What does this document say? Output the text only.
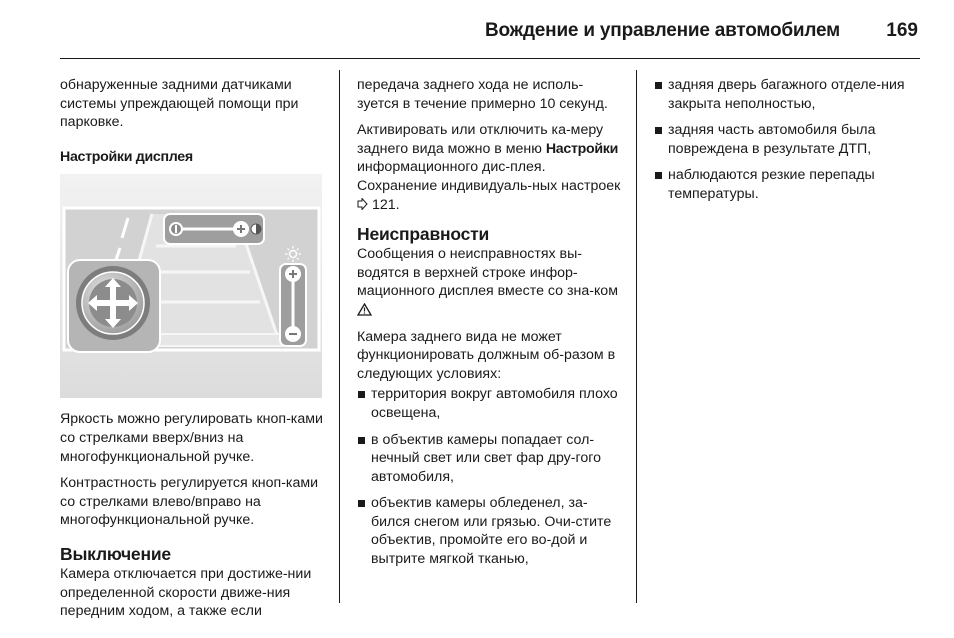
Вождение и управление автомобилем	169

обнаруженные задними датчиками системы упреждающей помощи при парковке.

Настройки дисплея

Яркость можно регулировать кноп-ками со стрелками вверх/вниз на многофункциональной ручке.

Контрастность регулируется кноп-ками со стрелками влево/вправо на многофункциональной ручке.

Выключение

Камера отключается при достиже-нии определенной скорости движе-ния передним ходом, а также если

передача заднего хода не исполь-зуется в течение примерно 10 секунд.

Активировать или отключить ка-меру заднего вида можно в меню Настройки информационного дис-плея. Сохранение индивидуаль-ных настроек  121.

Неисправности

Сообщения о неисправностях вы-водятся в верхней строке инфор-мационного дисплея вместе со зна-ком

Камера заднего вида не может функционировать должным об-разом в следующих условиях:

территория вокруг автомобиля плохо освещена,
в объектив камеры попадает сол-нечный свет или свет фар дру-гого автомобиля,
объектив камеры обледенел, за-бился снегом или грязью. Очи-стите объектив, промойте его во-дой и вытрите мягкой тканью,
задняя дверь багажного отделе-ния закрыта неполностью,
задняя часть автомобиля была повреждена в результате ДТП,
наблюдаются резкие перепады температуры.
